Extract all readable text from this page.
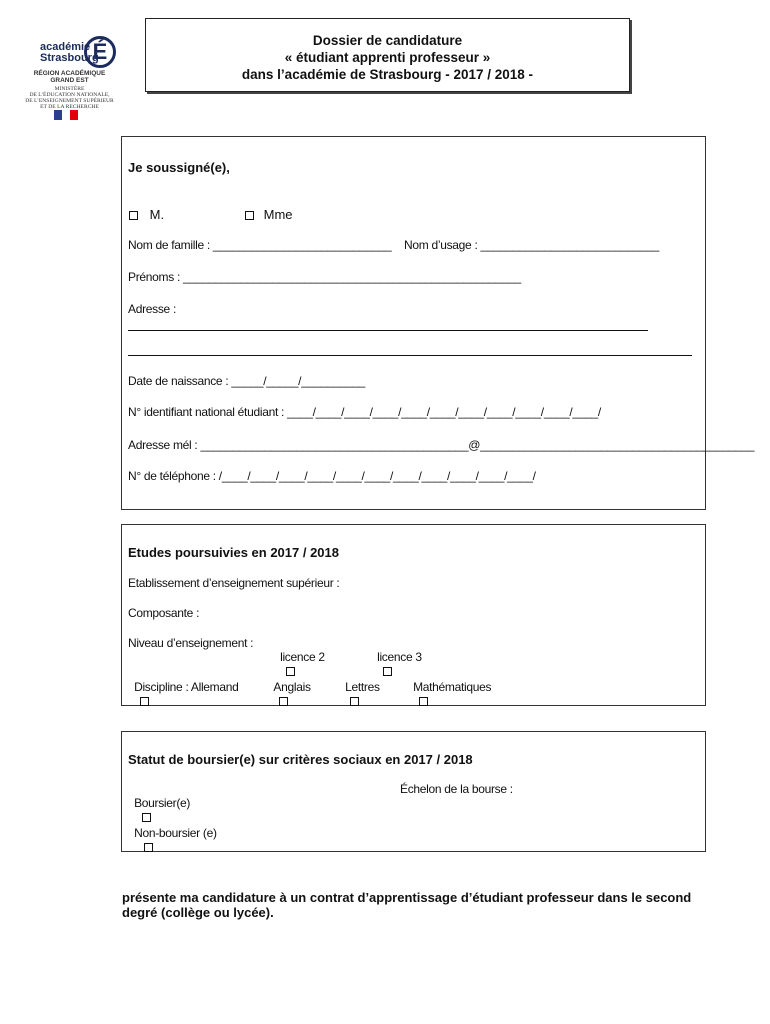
académie
Strasbourg
É
RÉGION ACADÉMIQUE
GRAND EST
MINISTÈRE
DE L’ÉDUCATION NATIONALE,
DE L’ENSEIGNEMENT SUPÉRIEUR
ET DE LA RECHERCHE
Dossier de candidature
« étudiant apprenti professeur »
dans l’académie de Strasbourg - 2017 / 2018 -
Je soussigné(e),
M.	Mme
Nom de famille : ____________________________ Nom d’usage : ____________________________
Prénoms : _____________________________________________________
Adresse :
Date de naissance : _____/_____/__________
N° identifiant national étudiant : ____/____/____/____/____/____/____/____/____/____/____/
Adresse mél : __________________________________________@___________________________________________
N° de téléphone : /____/____/____/____/____/____/____/____/____/____/____/
Etudes poursuivies en 2017 / 2018
Etablissement d’enseignement supérieur :
Composante :
Niveau d’enseignement :

licence 2
	licence 3

Discipline : Allemand
	Anglais
	Lettres
	Mathématiques

Statut de boursier(e) sur critères sociaux en 2017 / 2018

Boursier(e)

Échelon de la bourse :

Non-boursier (e)

présente ma candidature à un contrat d’apprentissage d’étudiant professeur dans le second degré (collège ou lycée).
